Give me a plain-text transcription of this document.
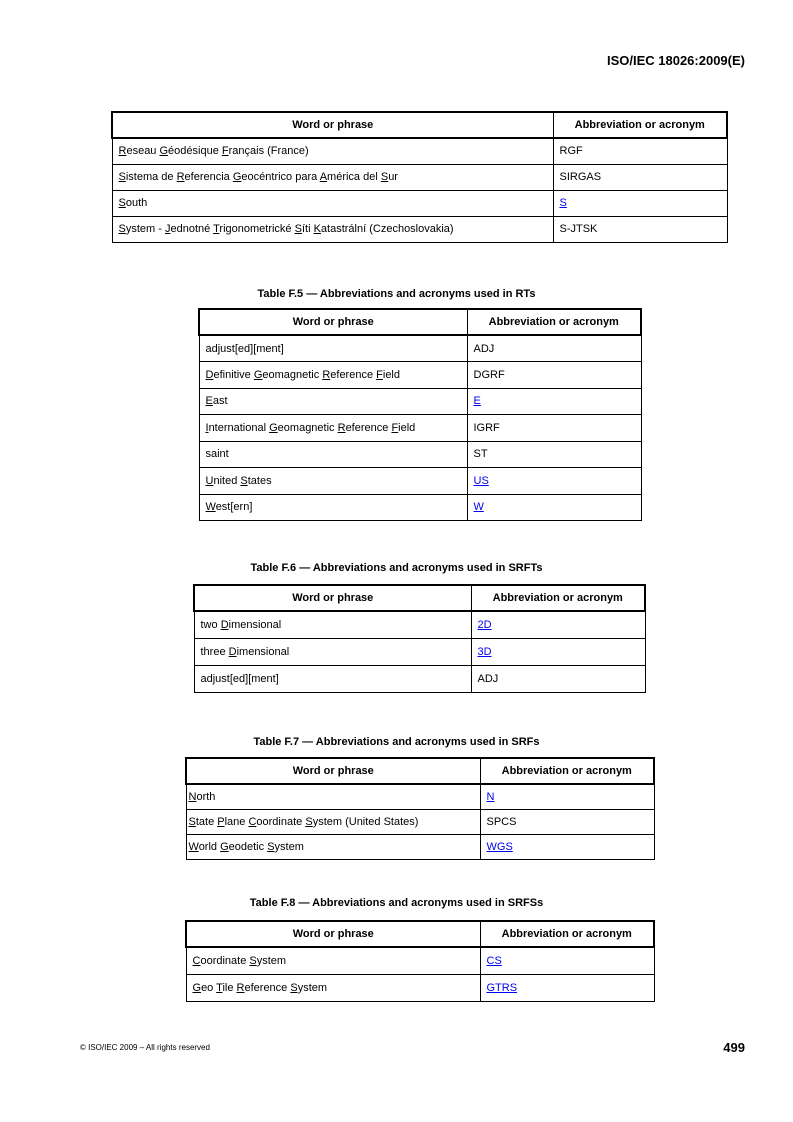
ISO/IEC 18026:2009(E)
Word or phrase	Abbreviation or acronym
Reseau Géodésique Français (France)	RGF
Sistema de Referencia Geocéntrico para América del Sur	SIRGAS
South	S
System - Jednotné Trigonometrické Síti Katastrální (Czechoslovakia)	S-JTSK
Table F.5 — Abbreviations and acronyms used in RTs
Word or phrase	Abbreviation or acronym
adjust[ed][ment]	ADJ
Definitive Geomagnetic Reference Field	DGRF
East	E
International Geomagnetic Reference Field	IGRF
saint	ST
United States	US
West[ern]	W
Table F.6 — Abbreviations and acronyms used in SRFTs
Word or phrase	Abbreviation or acronym
two Dimensional	2D
three Dimensional	3D
adjust[ed][ment]	ADJ
Table F.7 — Abbreviations and acronyms used in SRFs
Word or phrase	Abbreviation or acronym
North	N
State Plane Coordinate System (United States)	SPCS
World Geodetic System	WGS
Table F.8 — Abbreviations and acronyms used in SRFSs
Word or phrase	Abbreviation or acronym
Coordinate System	CS
Geo Tile Reference System	GTRS
© ISO/IEC 2009 – All rights reserved	499
